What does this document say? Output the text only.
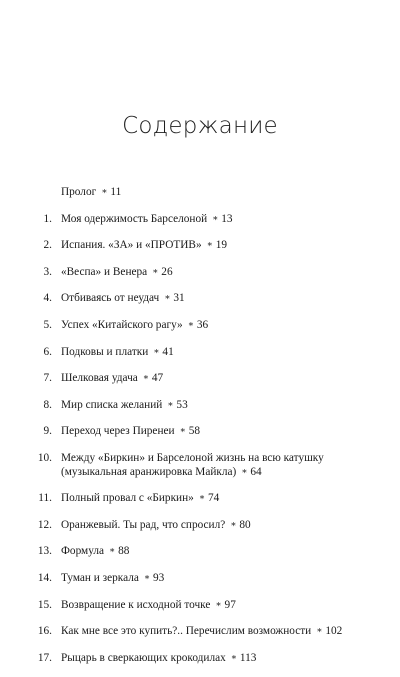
Содержание
Пролог ∗ 11
1. Моя одержимость Барселоной ∗ 13
2. Испания. «ЗА» и «ПРОТИВ» ∗ 19
3. «Веспа» и Венера ∗ 26
4. Отбиваясь от неудач ∗ 31
5. Успех «Китайского рагу» ∗ 36
6. Подковы и платки ∗ 41
7. Шелковая удача ∗ 47
8. Мир списка желаний ∗ 53
9. Переход через Пиренеи ∗ 58
10. Между «Биркин» и Барселоной жизнь на всю катушку
(музыкальная аранжировка Майкла) ∗ 64
11. Полный провал с «Биркин» ∗ 74
12. Оранжевый. Ты рад, что спросил? ∗ 80
13. Формула ∗ 88
14. Туман и зеркала ∗ 93
15. Возвращение к исходной точке ∗ 97
16. Как мне все это купить?.. Перечислим возможности ∗ 102
17. Рыцарь в сверкающих крокодилах ∗ 113
